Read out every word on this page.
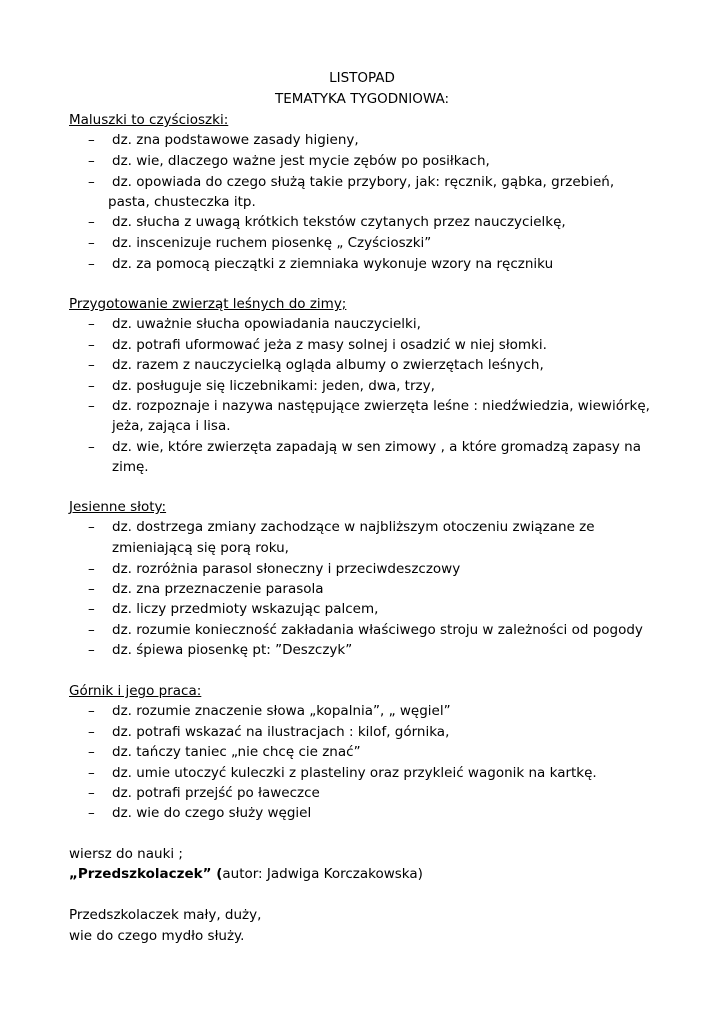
LISTOPAD
TEMATYKA TYGODNIOWA:
Maluszki to czyścioszki:
– dz. zna podstawowe zasady higieny,
– dz. wie, dlaczego ważne jest mycie zębów po posiłkach,
– dz. opowiada do czego służą takie przybory, jak: ręcznik, gąbka, grzebień,
pasta, chusteczka itp.
– dz. słucha z uwagą krótkich tekstów czytanych przez nauczycielkę,
– dz. inscenizuje ruchem piosenkę „ Czyścioszki”
– dz. za pomocą pieczątki z ziemniaka wykonuje wzory na ręczniku
Przygotowanie zwierząt leśnych do zimy;
– dz. uważnie słucha opowiadania nauczycielki,
– dz. potrafi uformować jeża z masy solnej i osadzić w niej słomki.
– dz. razem z nauczycielką ogląda albumy o zwierzętach leśnych,
– dz. posługuje się liczebnikami: jeden, dwa, trzy,
– dz. rozpoznaje i nazywa następujące zwierzęta leśne : niedźwiedzia, wiewiórkę,
jeża, zająca i lisa.
– dz. wie, które zwierzęta zapadają w sen zimowy , a które gromadzą zapasy na
zimę.
Jesienne słoty:
– dz. dostrzega zmiany zachodzące w najbliższym otoczeniu związane ze
zmieniającą się porą roku,
– dz. rozróżnia parasol słoneczny i przeciwdeszczowy
– dz. zna przeznaczenie parasola
– dz. liczy przedmioty wskazując palcem,
– dz. rozumie konieczność zakładania właściwego stroju w zależności od pogody
– dz. śpiewa piosenkę pt: ”Deszczyk”
Górnik i jego praca:
– dz. rozumie znaczenie słowa „kopalnia”, „ węgiel”
– dz. potrafi wskazać na ilustracjach : kilof, górnika,
– dz. tańczy taniec „nie chcę cie znać”
– dz. umie utoczyć kuleczki z plasteliny oraz przykleić wagonik na kartkę.
– dz. potrafi przejść po ławeczce
– dz. wie do czego służy węgiel
wiersz do nauki ;
„Przedszkolaczek” (autor: Jadwiga Korczakowska)
Przedszkolaczek mały, duży,
wie do czego mydło służy.
